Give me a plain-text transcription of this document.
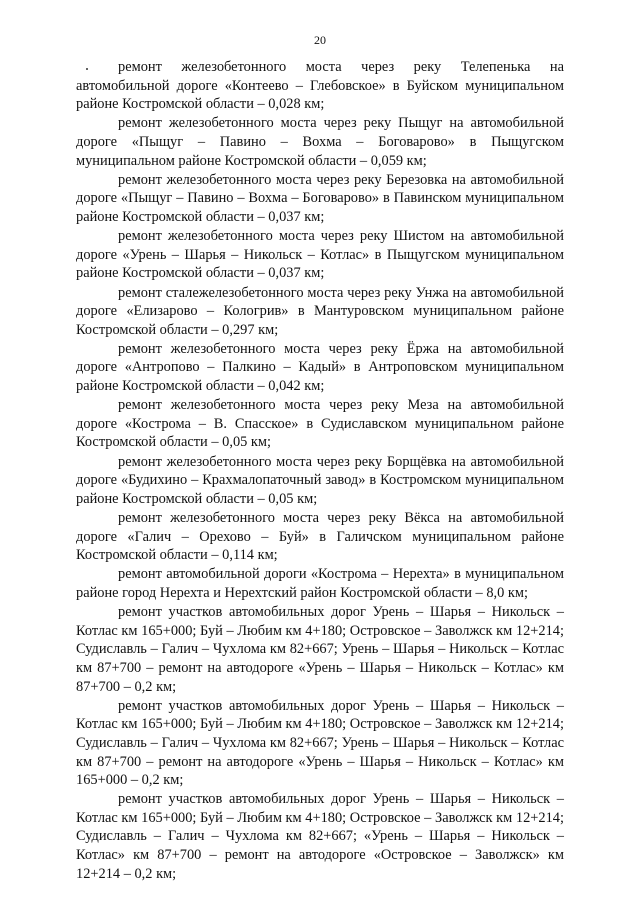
20

ремонт железобетонного моста через реку Телепенька на автомобильной дороге «Контеево – Глебовское» в Буйском муниципальном районе Костромской области – 0,028 км;

ремонт железобетонного моста через реку Пыщуг на автомобильной дороге «Пыщуг – Павино – Вохма – Боговарово» в Пыщугском муниципальном районе Костромской области – 0,059 км;

ремонт железобетонного моста через реку Березовка на автомобильной дороге «Пыщуг – Павино – Вохма – Боговарово» в Павинском муниципальном районе Костромской области – 0,037 км;

ремонт железобетонного моста через реку Шистом на автомобильной дороге «Урень – Шарья – Никольск – Котлас» в Пыщугском муниципальном районе Костромской области – 0,037 км;

ремонт сталежелезобетонного моста через реку Унжа на автомобильной дороге «Елизарово – Кологрив» в Мантуровском муниципальном районе Костромской области – 0,297 км;

ремонт железобетонного моста через реку Ёржа на автомобильной дороге «Антропово – Палкино – Кадый» в Антроповском муниципальном районе Костромской области – 0,042 км;

ремонт железобетонного моста через реку Меза на автомобильной дороге «Кострома – В. Спасское» в Судиславском муниципальном районе Костромской области – 0,05 км;

ремонт железобетонного моста через реку Борщёвка на автомобильной дороге «Будихино – Крахмалопаточный завод» в Костромском муниципальном районе Костромской области – 0,05 км;

ремонт железобетонного моста через реку Вёкса на автомобильной дороге «Галич – Орехово – Буй» в Галичском муниципальном районе Костромской области – 0,114 км;

ремонт автомобильной дороги «Кострома – Нерехта» в муниципальном районе город Нерехта и Нерехтский район Костромской области – 8,0 км;

ремонт участков автомобильных дорог Урень – Шарья – Никольск – Котлас км 165+000; Буй – Любим км 4+180; Островское – Заволжск км 12+214; Судиславль – Галич – Чухлома км 82+667; Урень – Шарья – Никольск – Котлас км 87+700 – ремонт на автодороге «Урень – Шарья – Никольск – Котлас» км 87+700 – 0,2 км;

ремонт участков автомобильных дорог Урень – Шарья – Никольск – Котлас км 165+000; Буй – Любим км 4+180; Островское – Заволжск км 12+214; Судиславль – Галич – Чухлома км 82+667; Урень – Шарья – Никольск – Котлас км 87+700 – ремонт на автодороге «Урень – Шарья – Никольск – Котлас» км 165+000 – 0,2 км;

ремонт участков автомобильных дорог Урень – Шарья – Никольск – Котлас км 165+000; Буй – Любим км 4+180; Островское – Заволжск км 12+214; Судиславль – Галич – Чухлома км 82+667; «Урень – Шарья – Никольск – Котлас» км 87+700 – ремонт на автодороге «Островское – Заволжск» км 12+214 – 0,2 км;
